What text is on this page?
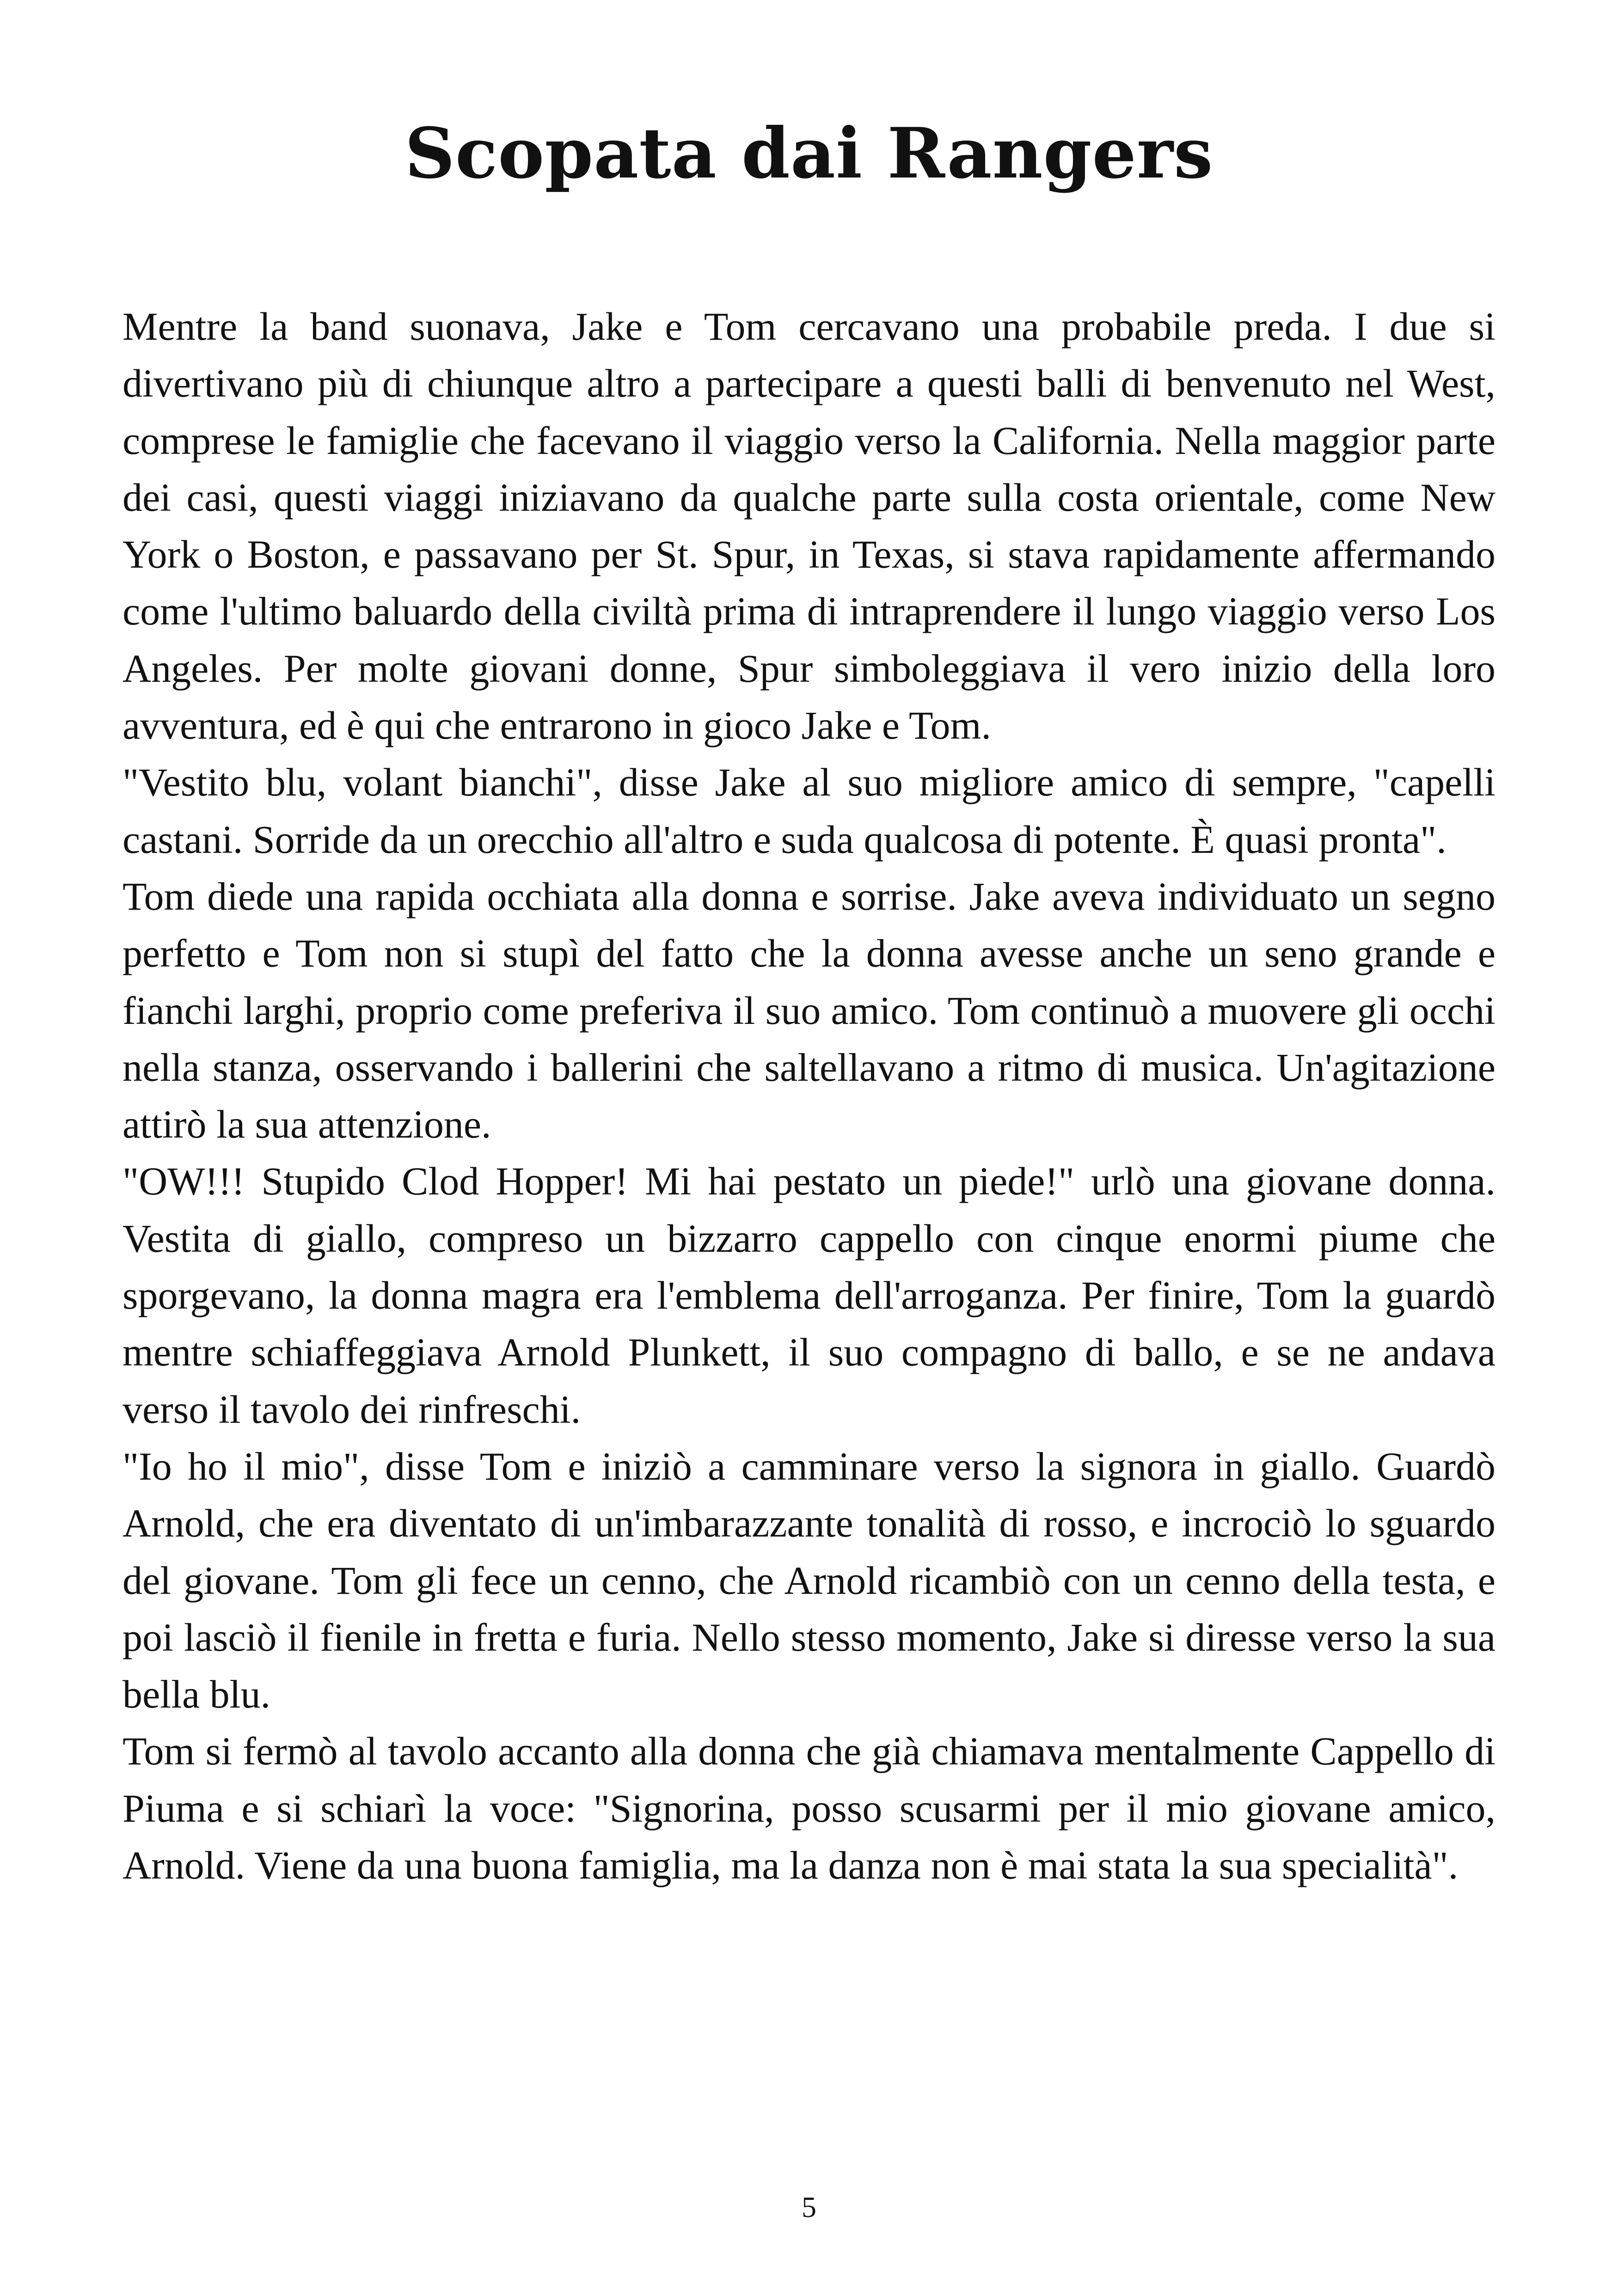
Scopata dai Rangers

Mentre la band suonava, Jake e Tom cercavano una probabile preda. I due si divertivano più di chiunque altro a partecipare a questi balli di benvenuto nel West, comprese le famiglie che facevano il viaggio verso la California. Nella maggior parte dei casi, questi viaggi iniziavano da qualche parte sulla costa orientale, come New York o Boston, e passavano per St. Spur, in Texas, si stava rapidamente affermando come l'ultimo baluardo della civiltà prima di intraprendere il lungo viaggio verso Los Angeles. Per molte giovani donne, Spur simboleggiava il vero inizio della loro avventura, ed è qui che entrarono in gioco Jake e Tom.

"Vestito blu, volant bianchi", disse Jake al suo migliore amico di sempre, "capelli castani. Sorride da un orecchio all'altro e suda qualcosa di potente. È quasi pronta".

Tom diede una rapida occhiata alla donna e sorrise. Jake aveva individuato un segno perfetto e Tom non si stupì del fatto che la donna avesse anche un seno grande e fianchi larghi, proprio come preferiva il suo amico. Tom continuò a muovere gli occhi nella stanza, osservando i ballerini che saltellavano a ritmo di musica. Un'agitazione attirò la sua attenzione.

"OW!!! Stupido Clod Hopper! Mi hai pestato un piede!" urlò una giovane donna. Vestita di giallo, compreso un bizzarro cappello con cinque enormi piume che sporgevano, la donna magra era l'emblema dell'arroganza. Per finire, Tom la guardò mentre schiaffeggiava Arnold Plunkett, il suo compagno di ballo, e se ne andava verso il tavolo dei rinfreschi.

"Io ho il mio", disse Tom e iniziò a camminare verso la signora in giallo. Guardò Arnold, che era diventato di un'imbarazzante tonalità di rosso, e incrociò lo sguardo del giovane. Tom gli fece un cenno, che Arnold ricambiò con un cenno della testa, e poi lasciò il fienile in fretta e furia. Nello stesso momento, Jake si diresse verso la sua bella blu.

Tom si fermò al tavolo accanto alla donna che già chiamava mentalmente Cappello di Piuma e si schiarì la voce: "Signorina, posso scusarmi per il mio giovane amico, Arnold. Viene da una buona famiglia, ma la danza non è mai stata la sua specialità".

5
